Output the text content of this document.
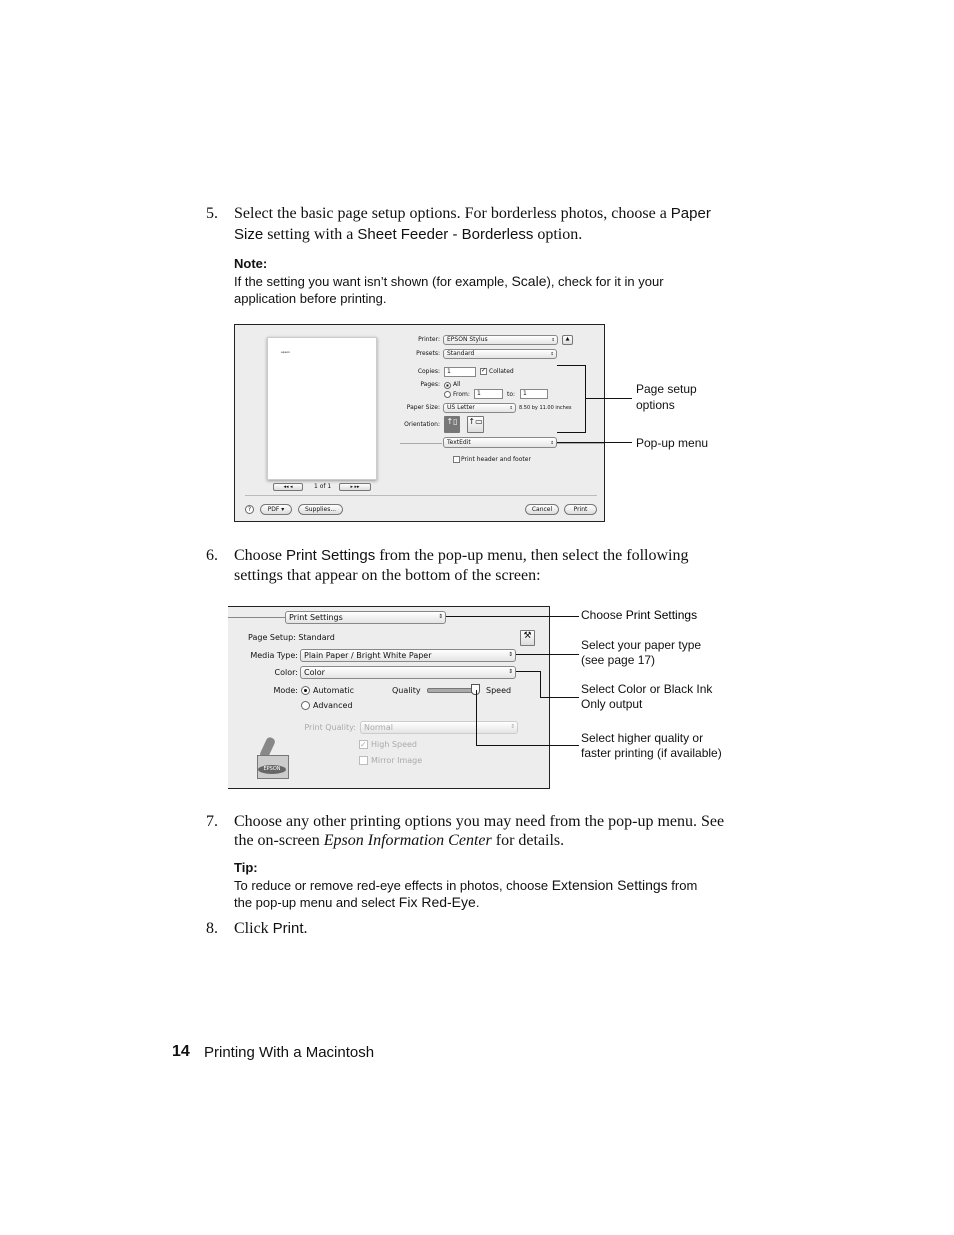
5. Select the basic page setup options. For borderless photos, choose a Paper
Size setting with a Sheet Feeder - Borderless option.
Note:
If the setting you want isn’t shown (for example, Scale), check for it in your
application before printing.
epson
◂◂ ◂	1 of 1	▸ ▸▸
Printer:	EPSON Stylus	⇕	▲
Presets:	Standard	⇕
Copies:	1	✓ Collated
Pages: All
From:	1	to:	1
Paper Size:	US Letter	⇕ 8.50 by 11.00 inches
Orientation: ↑▯	↑▭
TextEdit	⇕
Print header and footer
?	PDF ▾	Supplies...	Cancel	Print
Page setup
options
Pop-up menu
6. Choose Print Settings from the pop-up menu, then select the following
settings that appear on the bottom of the screen:
Print Settings	⇕
Page Setup: Standard	⚒
Media Type: Plain Paper / Bright White Paper	⇕
Color: Color	⇕
Mode: Automatic
Advanced
Quality	Speed
Print Quality:	Normal	⇕
✓ High Speed
Mirror Image
EPSON
Choose Print Settings
Select your paper type
(see page 17)
Select Color or Black Ink
Only output
Select higher quality or
faster printing (if available)
7. Choose any other printing options you may need from the pop-up menu. See
the on-screen Epson Information Center for details.
Tip:
To reduce or remove red-eye effects in photos, choose Extension Settings from
the pop-up menu and select Fix Red-Eye.
8. Click Print.
14 Printing With a Macintosh
